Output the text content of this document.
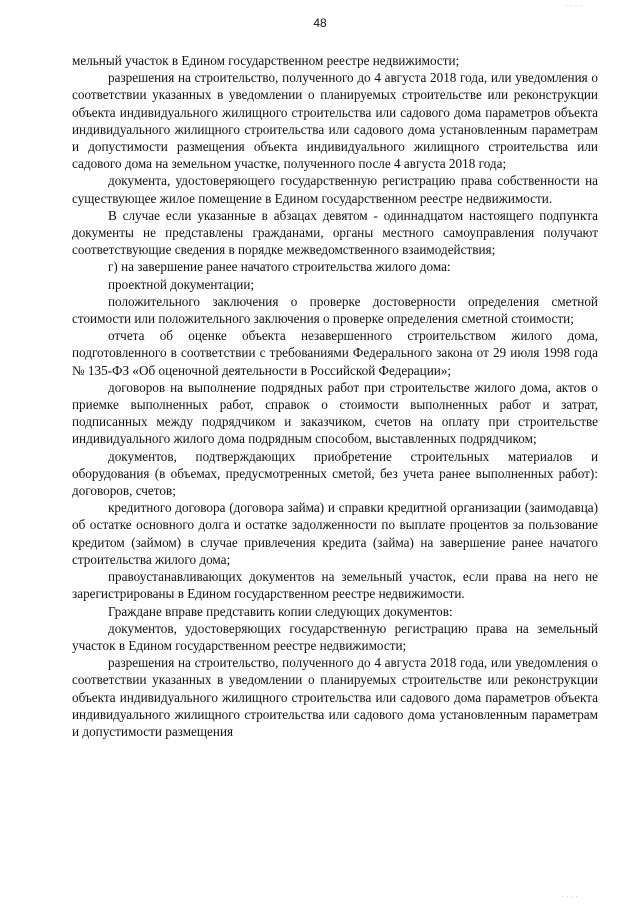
48
· · · ·

мельный участок в Едином государственном реестре недвижимости;

разрешения на строительство, полученного до 4 августа 2018 года, или уведомления о соответствии указанных в уведомлении о планируемых строительстве или реконструкции объекта индивидуального жилищного строительства или садового дома параметров объекта индивидуального жилищного строительства или садового дома установленным параметрам и допустимости размещения объекта индивидуального жилищного строительства или садового дома на земельном участке, полученного после 4 августа 2018 года;

документа, удостоверяющего государственную регистрацию права собственности на существующее жилое помещение в Едином государственном реестре недвижимости.

В случае если указанные в абзацах девятом - одиннадцатом настоящего подпункта документы не представлены гражданами, органы местного самоуправления получают соответствующие сведения в порядке межведомственного взаимодействия;

г) на завершение ранее начатого строительства жилого дома:

проектной документации;

положительного заключения о проверке достоверности определения сметной стоимости или положительного заключения о проверке определения сметной стоимости;

отчета об оценке объекта незавершенного строительством жилого дома, подготовленного в соответствии с требованиями Федерального закона от 29 июля 1998 года № 135-ФЗ «Об оценочной деятельности в Российской Федерации»;

договоров на выполнение подрядных работ при строительстве жилого дома, актов о приемке выполненных работ, справок о стоимости выполненных работ и затрат, подписанных между подрядчиком и заказчиком, счетов на оплату при строительстве индивидуального жилого дома подрядным способом, выставленных подрядчиком;

документов, подтверждающих приобретение строительных материалов и оборудования (в объемах, предусмотренных сметой, без учета ранее выполненных работ): договоров, счетов;

кредитного договора (договора займа) и справки кредитной организации (заимодавца) об остатке основного долга и остатке задолженности по выплате процентов за пользование кредитом (займом) в случае привлечения кредита (займа) на завершение ранее начатого строительства жилого дома;

правоустанавливающих документов на земельный участок, если права на него не зарегистрированы в Едином государственном реестре недвижимости.

Граждане вправе представить копии следующих документов:

документов, удостоверяющих государственную регистрацию права на земельный участок в Едином государственном реестре недвижимости;

разрешения на строительство, полученного до 4 августа 2018 года, или уведомления о соответствии указанных в уведомлении о планируемых строительстве или реконструкции объекта индивидуального жилищного строительства или садового дома параметров объекта индивидуального жилищного строительства или садового дома установленным параметрам и допустимости размещения

· · · ·
